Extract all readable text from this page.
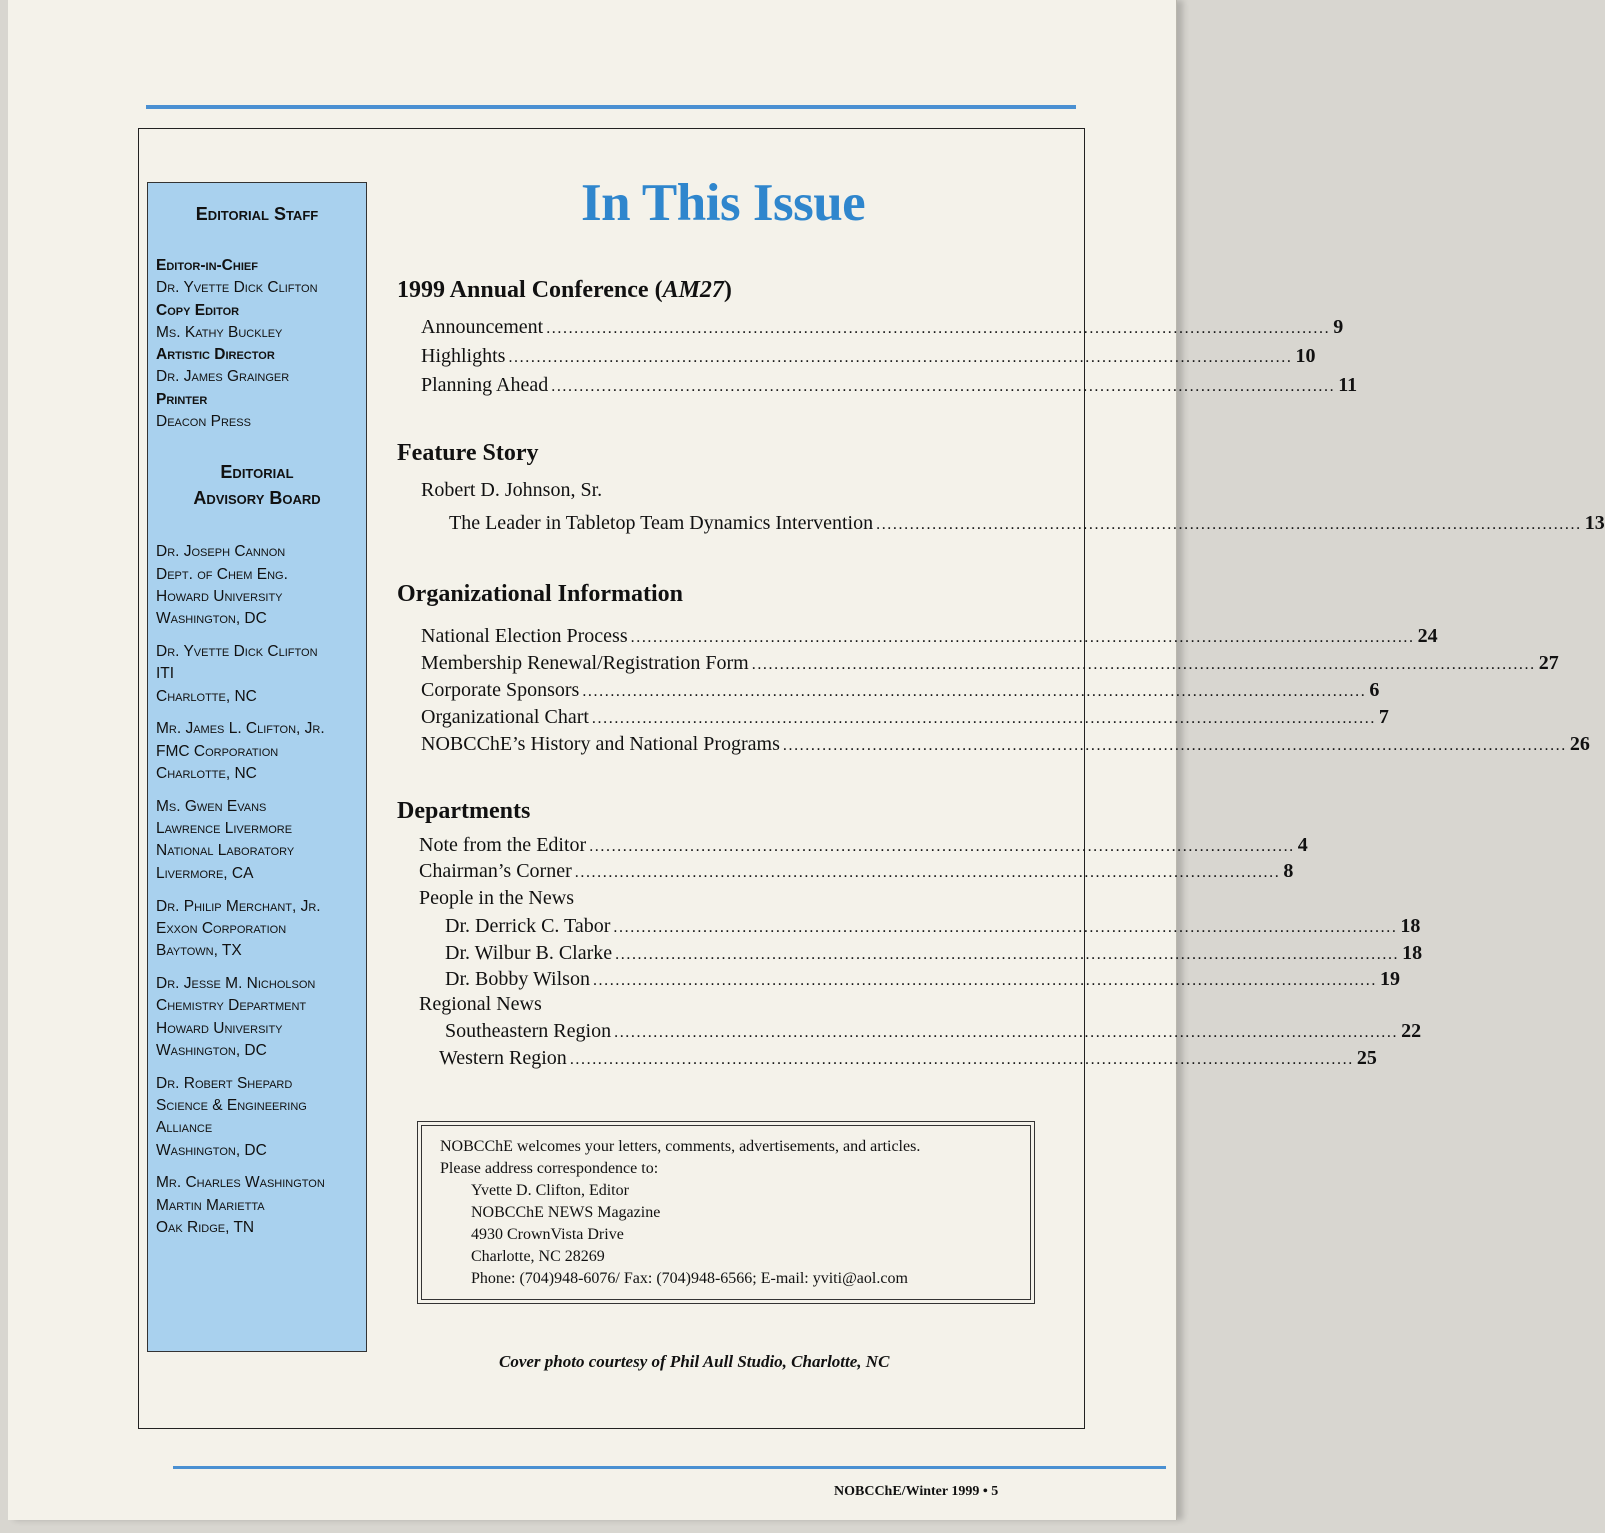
Editorial Staff
Editor-in-Chief
Dr. Yvette Dick Clifton
Copy Editor
Ms. Kathy Buckley
Artistic Director
Dr. James Grainger
Printer
Deacon Press
Editorial
Advisory Board
Dr. Joseph Cannon
Dept. of Chem Eng.
Howard University
Washington, DC
Dr. Yvette Dick Clifton
ITI
Charlotte, NC
Mr. James L. Clifton, Jr.
FMC Corporation
Charlotte, NC
Ms. Gwen Evans
Lawrence Livermore
National Laboratory
Livermore, CA
Dr. Philip Merchant, Jr.
Exxon Corporation
Baytown, TX
Dr. Jesse M. Nicholson
Chemistry Department
Howard University
Washington, DC
Dr. Robert Shepard
Science & Engineering
Alliance
Washington, DC
Mr. Charles Washington
Martin Marietta
Oak Ridge, TN
In This Issue
1999 Annual Conference (AM27)
Announcement ............................................................................................................................................ 9
Highlights ............................................................................................................................................ 10
Planning Ahead ............................................................................................................................................ 11
Feature Story
Robert D. Johnson, Sr.
The Leader in Tabletop Team Dynamics Intervention .............................................................................................................................. 13
Organizational Information
National Election Process ............................................................................................................................................ 24
Membership Renewal/Registration Form ............................................................................................................................................ 27
Corporate Sponsors ............................................................................................................................................ 6
Organizational Chart ............................................................................................................................................ 7
NOBCChE’s History and National Programs ............................................................................................................................................ 26
Departments
Note from the Editor .............................................................................................................................. 4
Chairman’s Corner .............................................................................................................................. 8
People in the News
Dr. Derrick C. Tabor ............................................................................................................................................ 18
Dr. Wilbur B. Clarke ............................................................................................................................................ 18
Dr. Bobby Wilson ............................................................................................................................................ 19
Regional News
Southeastern Region ............................................................................................................................................ 22
Western Region ............................................................................................................................................ 25
NOBCChE welcomes your letters, comments, advertisements, and articles.
Please address correspondence to:
Yvette D. Clifton, Editor
NOBCChE NEWS Magazine
4930 CrownVista Drive
Charlotte, NC 28269
Phone: (704)948-6076/ Fax: (704)948-6566; E-mail: yviti@aol.com
Cover photo courtesy of Phil Aull Studio, Charlotte, NC
NOBCChE/Winter 1999 • 5
